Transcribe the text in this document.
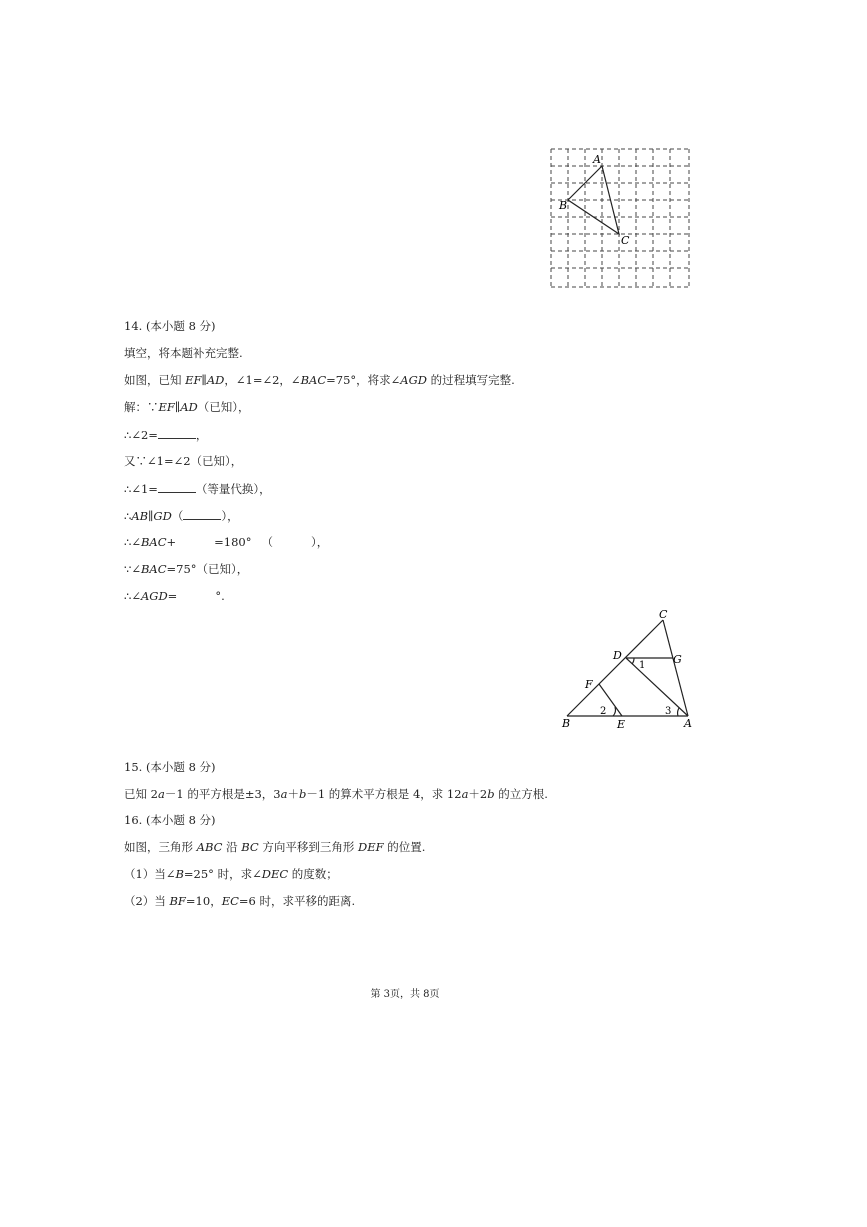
A
B
C
14. (本小题 8 分)
填空，将本题补充完整.
如图，已知 EF∥AD，∠1=∠2，∠BAC=75°，将求∠AGD 的过程填写完整.
解：∵EF∥AD（已知），
∴∠2=	，
又∵∠1=∠2（已知），
∴∠1=	（等量代换），
∴AB∥GD（	），
∴∠BAC+	=180° （	），
∵∠BAC=75°（已知），
∴∠AGD=	°.
C
D	G
F
B	E	A
1
2	3
15. (本小题 8 分)
已知 2a－1 的平方根是±3，3a＋b－1 的算术平方根是 4，求 12a＋2b 的立方根.
16. (本小题 8 分)
如图，三角形 ABC 沿 BC 方向平移到三角形 DEF 的位置.
（1）当∠B=25° 时，求∠DEC 的度数；
（2）当 BF=10，EC=6 时，求平移的距离.
第 3页，共 8页
